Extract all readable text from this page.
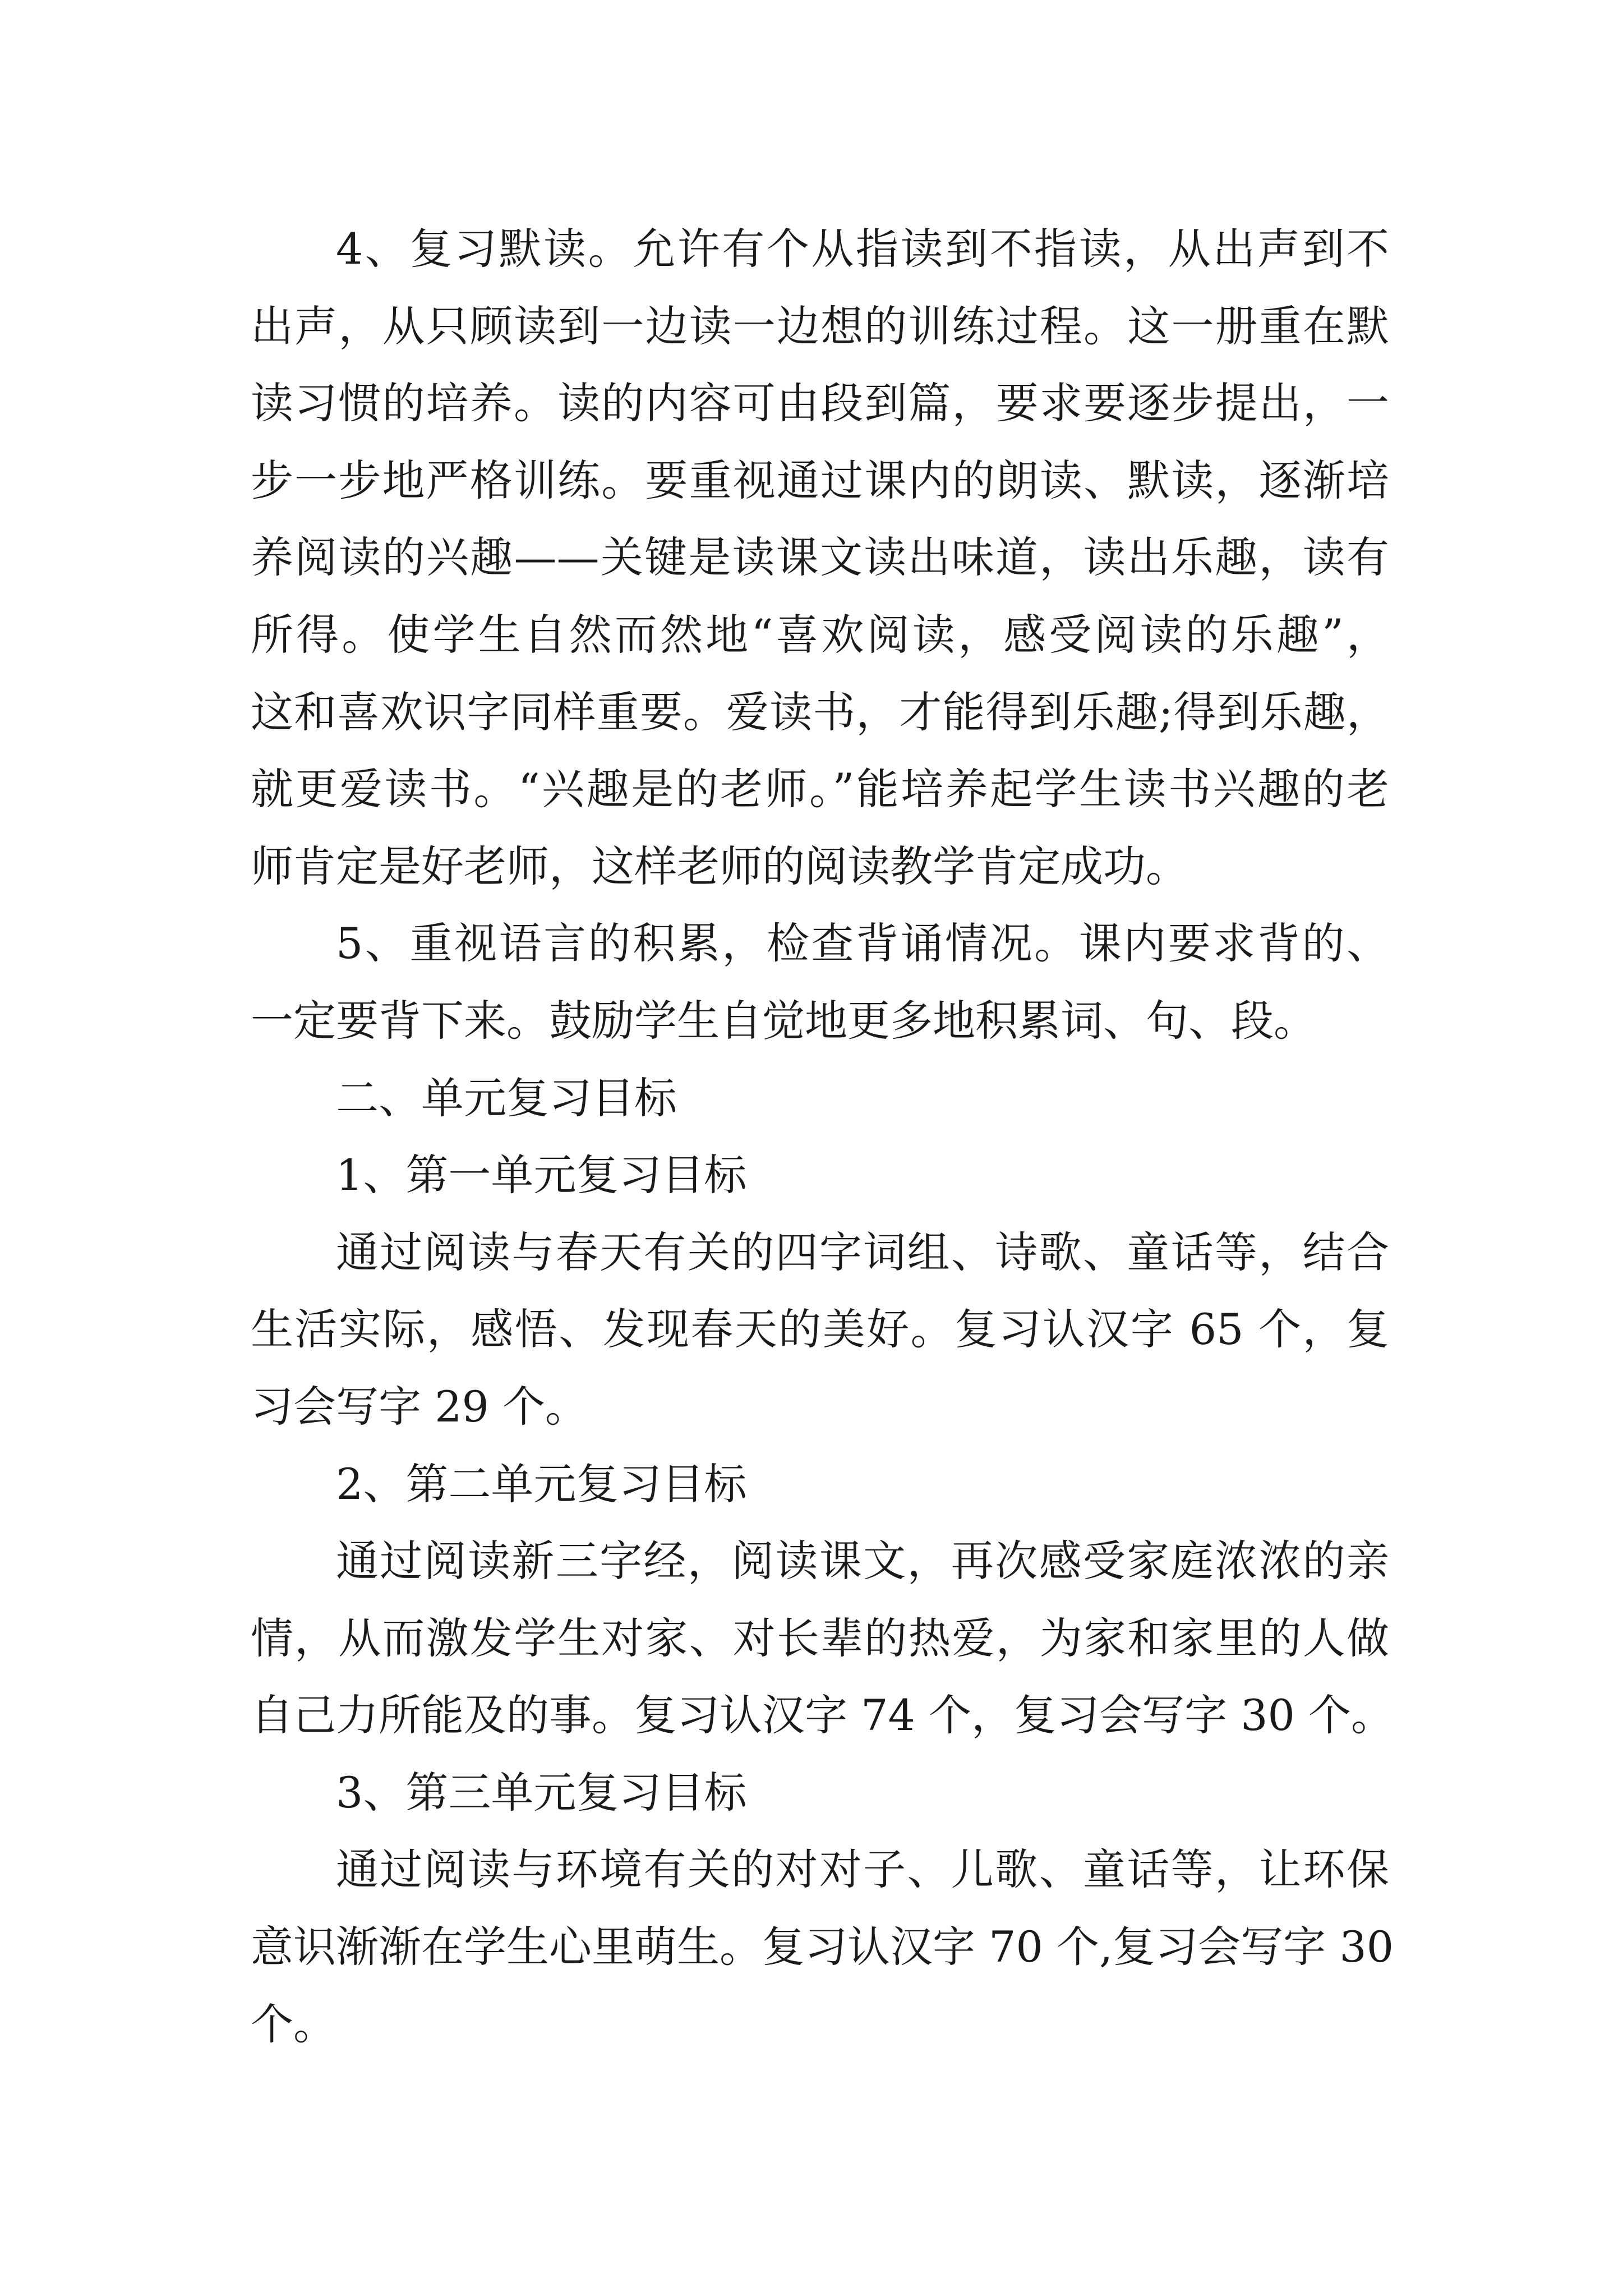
4、复习默读。允许有个从指读到不指读，从出声到不
出声，从只顾读到一边读一边想的训练过程。这一册重在默
读习惯的培养。读的内容可由段到篇，要求要逐步提出，一
步一步地严格训练。要重视通过课内的朗读、默读，逐渐培
养阅读的兴趣——关键是读课文读出味道，读出乐趣，读有
所得。使学生自然而然地“喜欢阅读，感受阅读的乐趣”，
这和喜欢识字同样重要。爱读书，才能得到乐趣;得到乐趣，
就更爱读书。“兴趣是的老师。”能培养起学生读书兴趣的老
师肯定是好老师，这样老师的阅读教学肯定成功。
5、重视语言的积累，检查背诵情况。课内要求背的、
一定要背下来。鼓励学生自觉地更多地积累词、句、段。
二、单元复习目标
1、第一单元复习目标
通过阅读与春天有关的四字词组、诗歌、童话等，结合
生活实际，感悟、发现春天的美好。复习认汉字 65 个，复
习会写字 29 个。
2、第二单元复习目标
通过阅读新三字经，阅读课文，再次感受家庭浓浓的亲
情，从而激发学生对家、对长辈的热爱，为家和家里的人做
自己力所能及的事。复习认汉字 74 个，复习会写字 30 个。
3、第三单元复习目标
通过阅读与环境有关的对对子、儿歌、童话等，让环保
意识渐渐在学生心里萌生。复习认汉字 70 个,复习会写字 30
个。
